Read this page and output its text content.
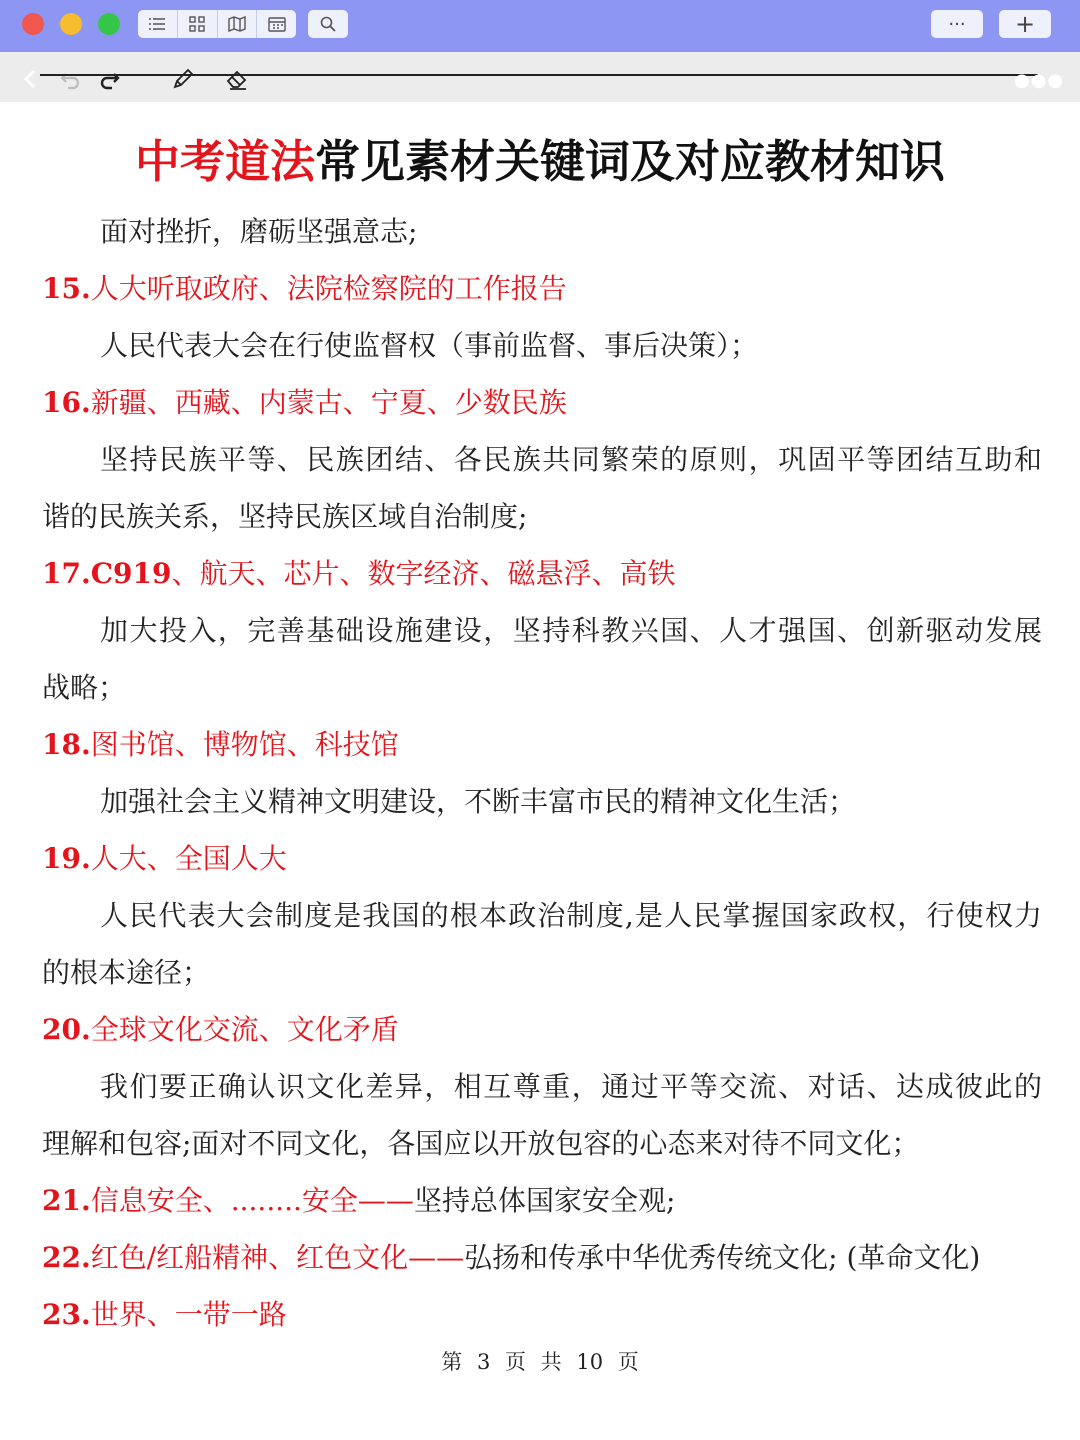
···	+
●●●
中考道法常见素材关键词及对应教材知识
面对挫折，磨砺坚强意志;
15.人大听取政府、法院检察院的工作报告
人民代表大会在行使监督权（事前监督、事后决策）；
16.新疆、西藏、内蒙古、宁夏、少数民族
坚持民族平等、民族团结、各民族共同繁荣的原则，巩固平等团结互助和
谐的民族关系，坚持民族区域自治制度;
17.C919、航天、芯片、数字经济、磁悬浮、高铁
加大投入，完善基础设施建设，坚持科教兴国、人才强国、创新驱动发展
战略；
18.图书馆、博物馆、科技馆
加强社会主义精神文明建设，不断丰富市民的精神文化生活；
19.人大、全国人大
人民代表大会制度是我国的根本政治制度,是人民掌握国家政权，行使权力
的根本途径；
20.全球文化交流、文化矛盾
我们要正确认识文化差异，相互尊重，通过平等交流、对话、达成彼此的
理解和包容;面对不同文化，各国应以开放包容的心态来对待不同文化；
21.信息安全、........安全——坚持总体国家安全观;
22.红色/红船精神、红色文化——弘扬和传承中华优秀传统文化; (革命文化)
23.世界、一带一路
第 3 页 共 10 页
